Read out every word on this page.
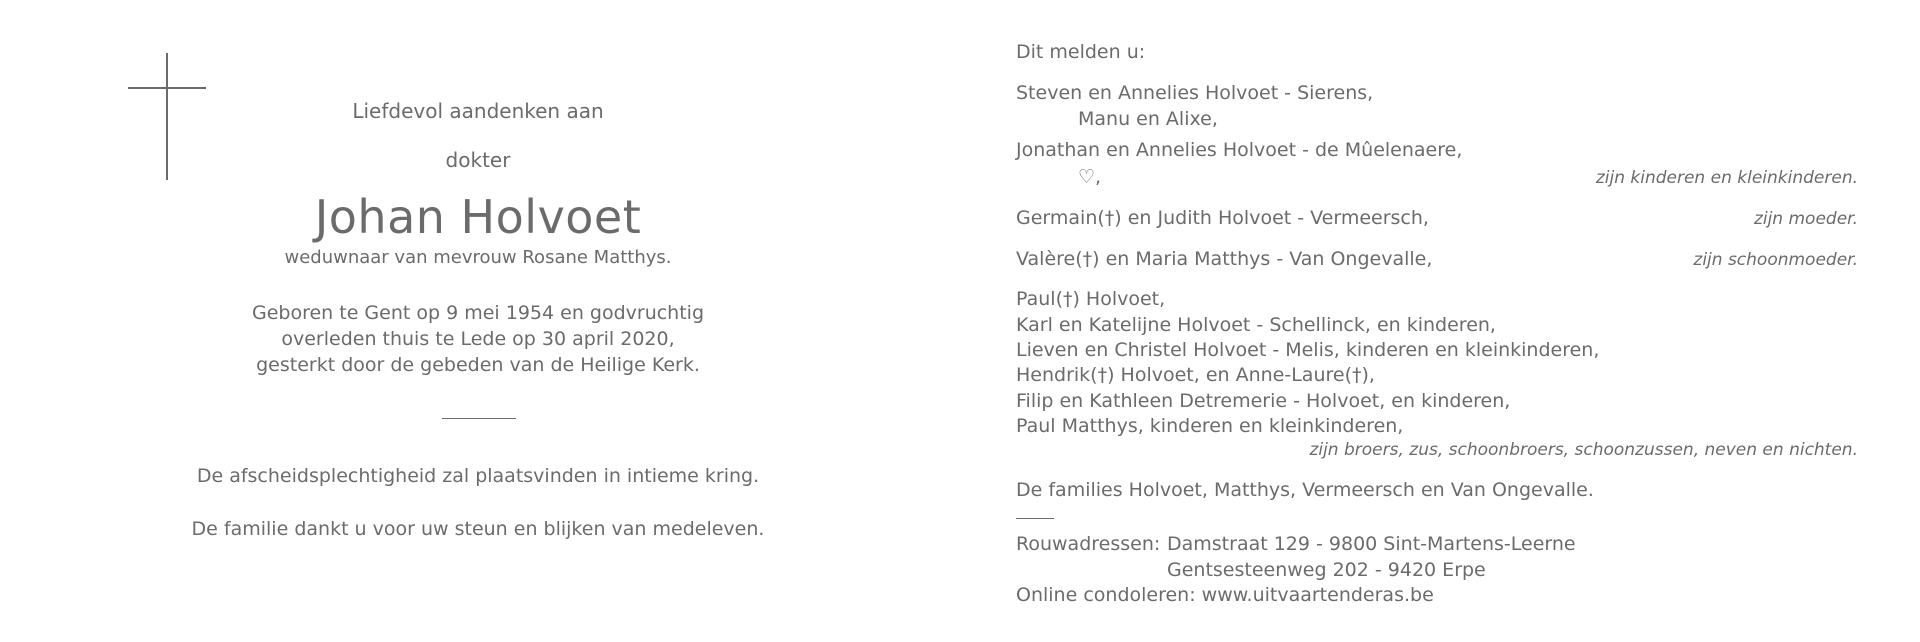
Liefdevol aandenken aan
dokter
Johan Holvoet
weduwnaar van mevrouw Rosane Matthys.
Geboren te Gent op 9 mei 1954 en godvruchtig
overleden thuis te Lede op 30 april 2020,
gesterkt door de gebeden van de Heilige Kerk.
De afscheidsplechtigheid zal plaatsvinden in intieme kring.
De familie dankt u voor uw steun en blijken van medeleven.
Dit melden u:
Steven en Annelies Holvoet - Sierens,
Manu en Alixe,
Jonathan en Annelies Holvoet - de Mûelenaere,
♡,	zijn kinderen en kleinkinderen.
Germain(†) en Judith Holvoet - Vermeersch,	zijn moeder.
Valère(†) en Maria Matthys - Van Ongevalle,	zijn schoonmoeder.
Paul(†) Holvoet,
Karl en Katelijne Holvoet - Schellinck, en kinderen,
Lieven en Christel Holvoet - Melis, kinderen en kleinkinderen,
Hendrik(†) Holvoet, en Anne-Laure(†),
Filip en Kathleen Detremerie - Holvoet, en kinderen,
Paul Matthys, kinderen en kleinkinderen,
zijn broers, zus, schoonbroers, schoonzussen, neven en nichten.
De families Holvoet, Matthys, Vermeersch en Van Ongevalle.
Rouwadressen: Damstraat 129 - 9800 Sint-Martens-Leerne
Gentsesteenweg 202 - 9420 Erpe
Online condoleren: www.uitvaartenderas.be
